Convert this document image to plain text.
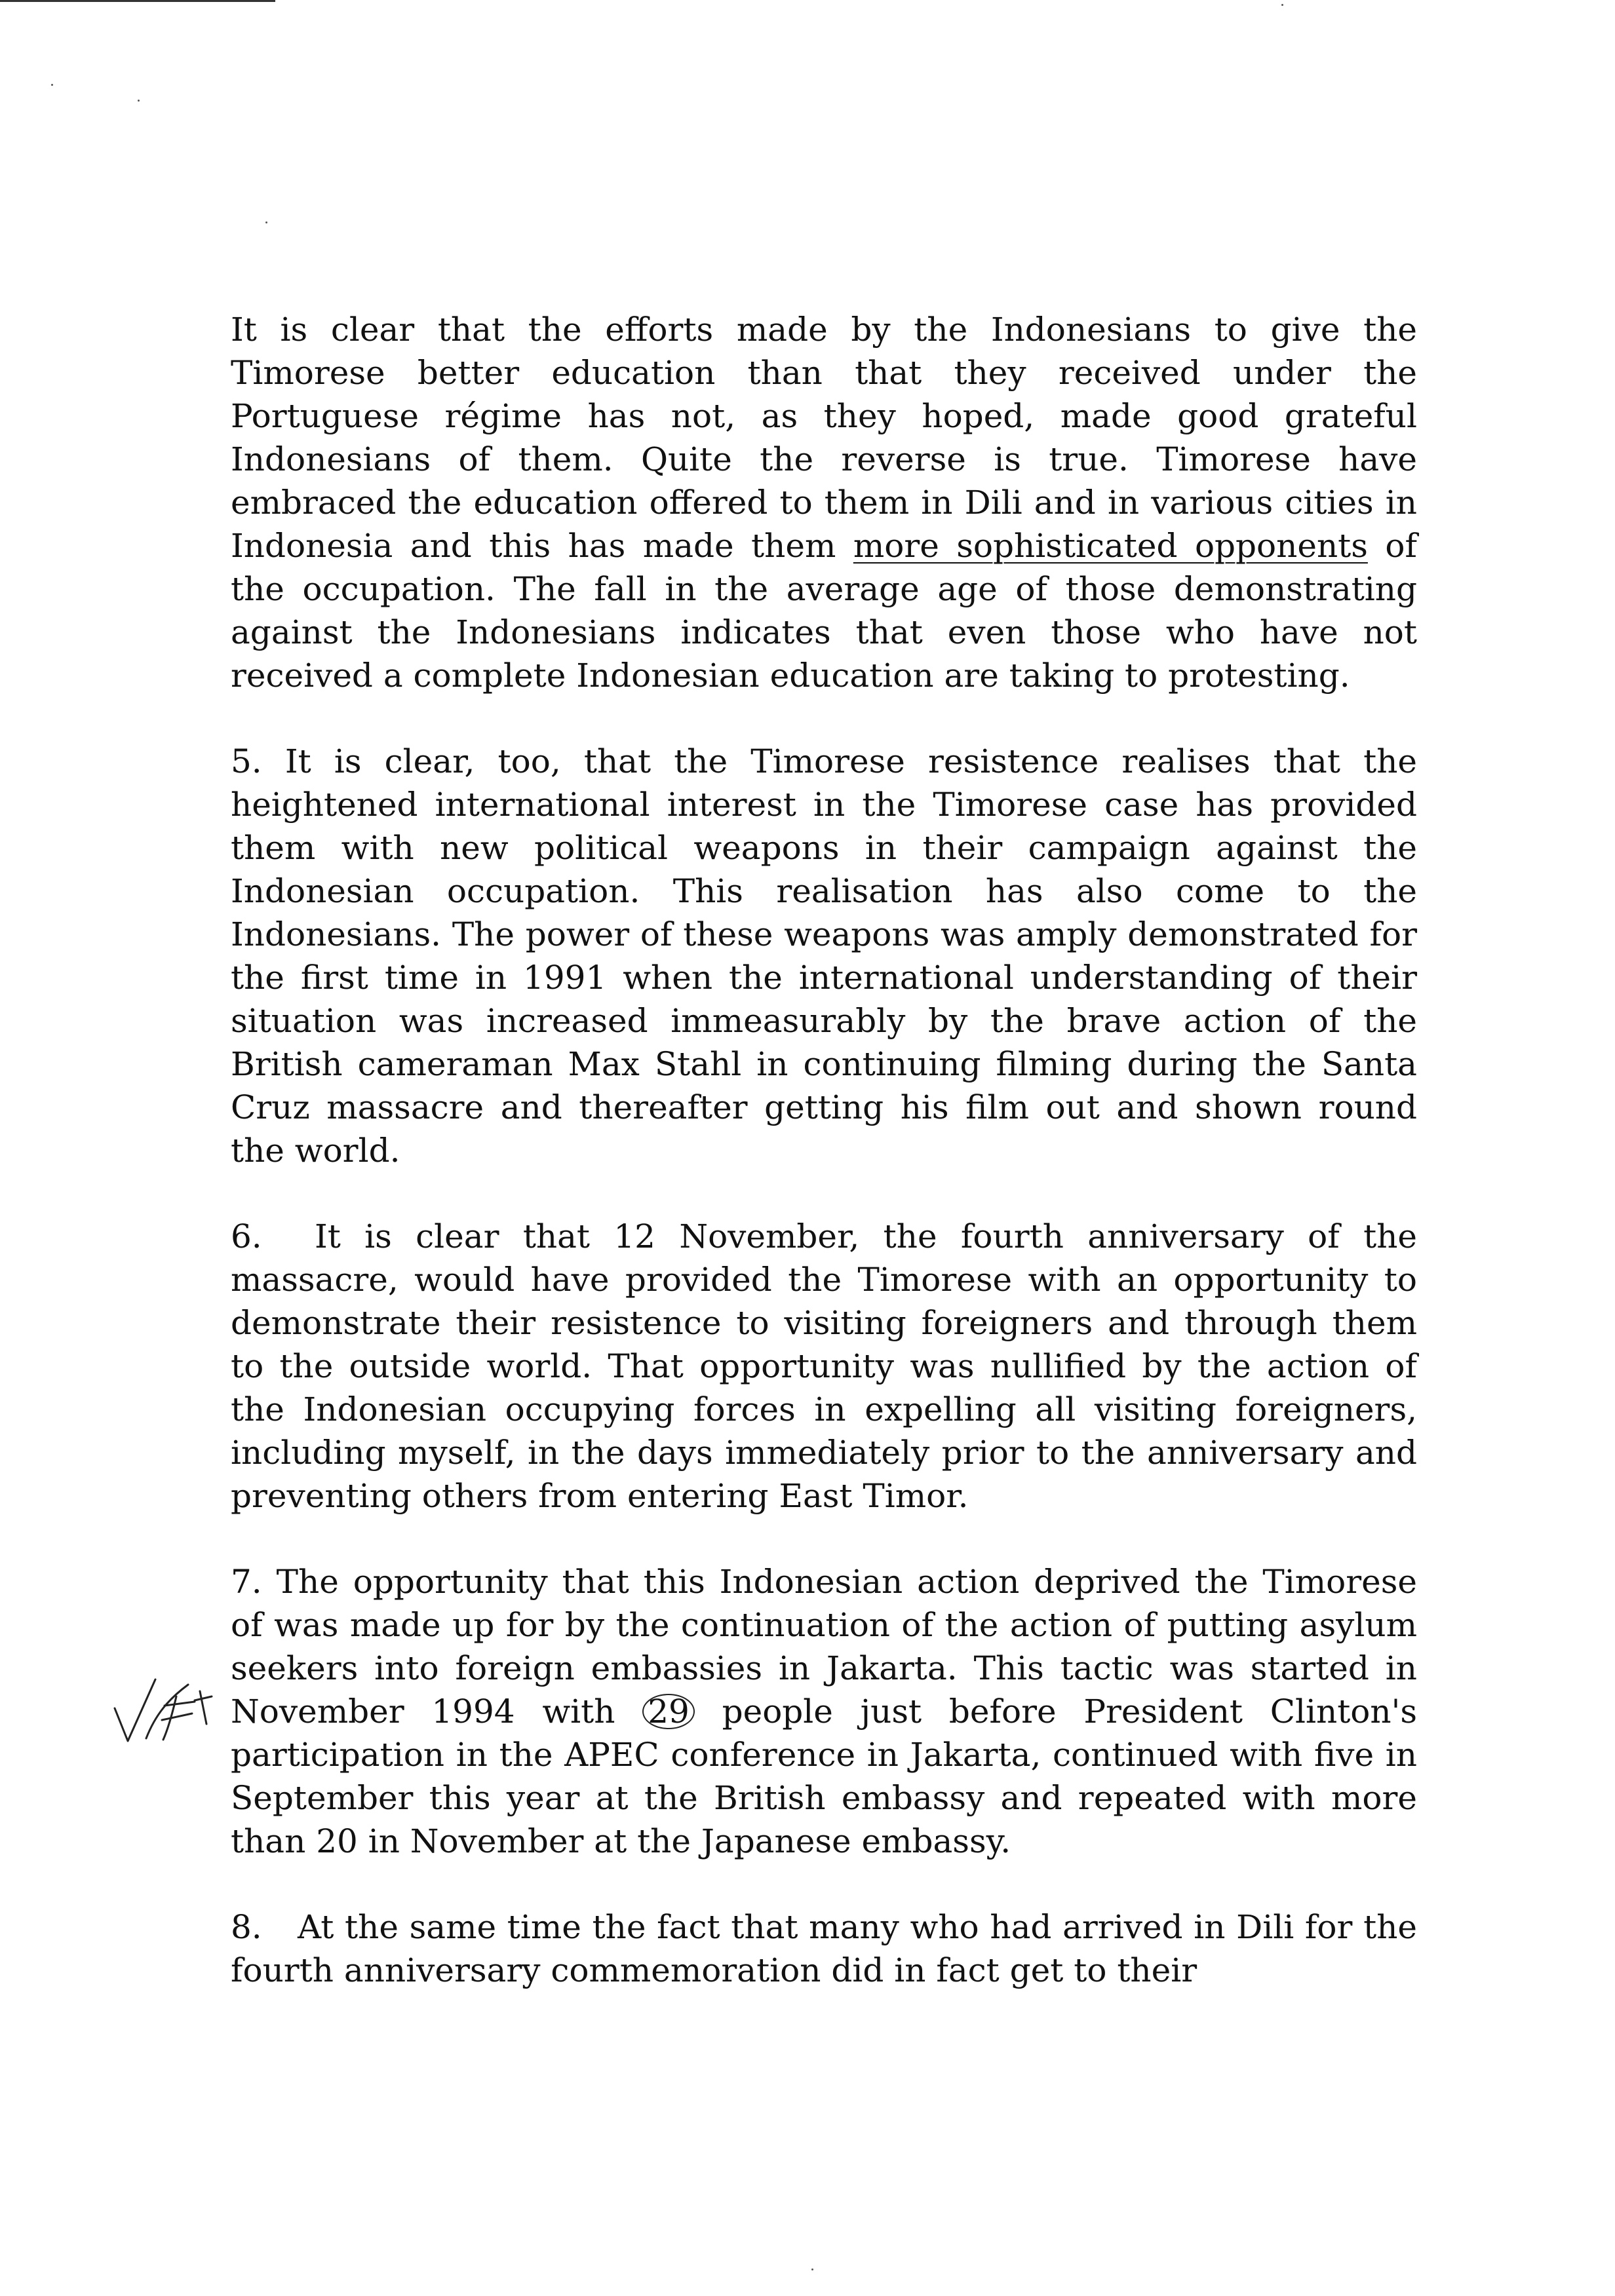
It is clear that the efforts made by the Indonesians to give the Timorese better education than that they received under the Portuguese régime has not, as they hoped, made good grateful Indonesians of them. Quite the reverse is true. Timorese have embraced the education offered to them in Dili and in various cities in Indonesia and this has made them more sophisticated opponents of the occupation. The fall in the average age of those demonstrating against the Indonesians indicates that even those who have not received a complete Indonesian education are taking to protesting.

5. It is clear, too, that the Timorese resistence realises that the heightened international interest in the Timorese case has provided them with new political weapons in their campaign against the Indonesian occupation. This realisation has also come to the Indonesians. The power of these weapons was amply demonstrated for the first time in 1991 when the international understanding of their situation was increased immeasurably by the brave action of the British cameraman Max Stahl in continuing filming during the Santa Cruz massacre and thereafter getting his film out and shown round the world.

6. It is clear that 12 November, the fourth anniversary of the massacre, would have provided the Timorese with an opportunity to demonstrate their resistence to visiting foreigners and through them to the outside world. That opportunity was nullified by the action of the Indonesian occupying forces in expelling all visiting foreigners, including myself, in the days immediately prior to the anniversary and preventing others from entering East Timor.

7. The opportunity that this Indonesian action deprived the Timorese of was made up for by the continuation of the action of putting asylum seekers into foreign embassies in Jakarta. This tactic was started in November 1994 with 29 people just before President Clinton's participation in the APEC conference in Jakarta, continued with five in September this year at the British embassy and repeated with more than 20 in November at the Japanese embassy.

8. At the same time the fact that many who had arrived in Dili for the fourth anniversary commemoration did in fact get to their
